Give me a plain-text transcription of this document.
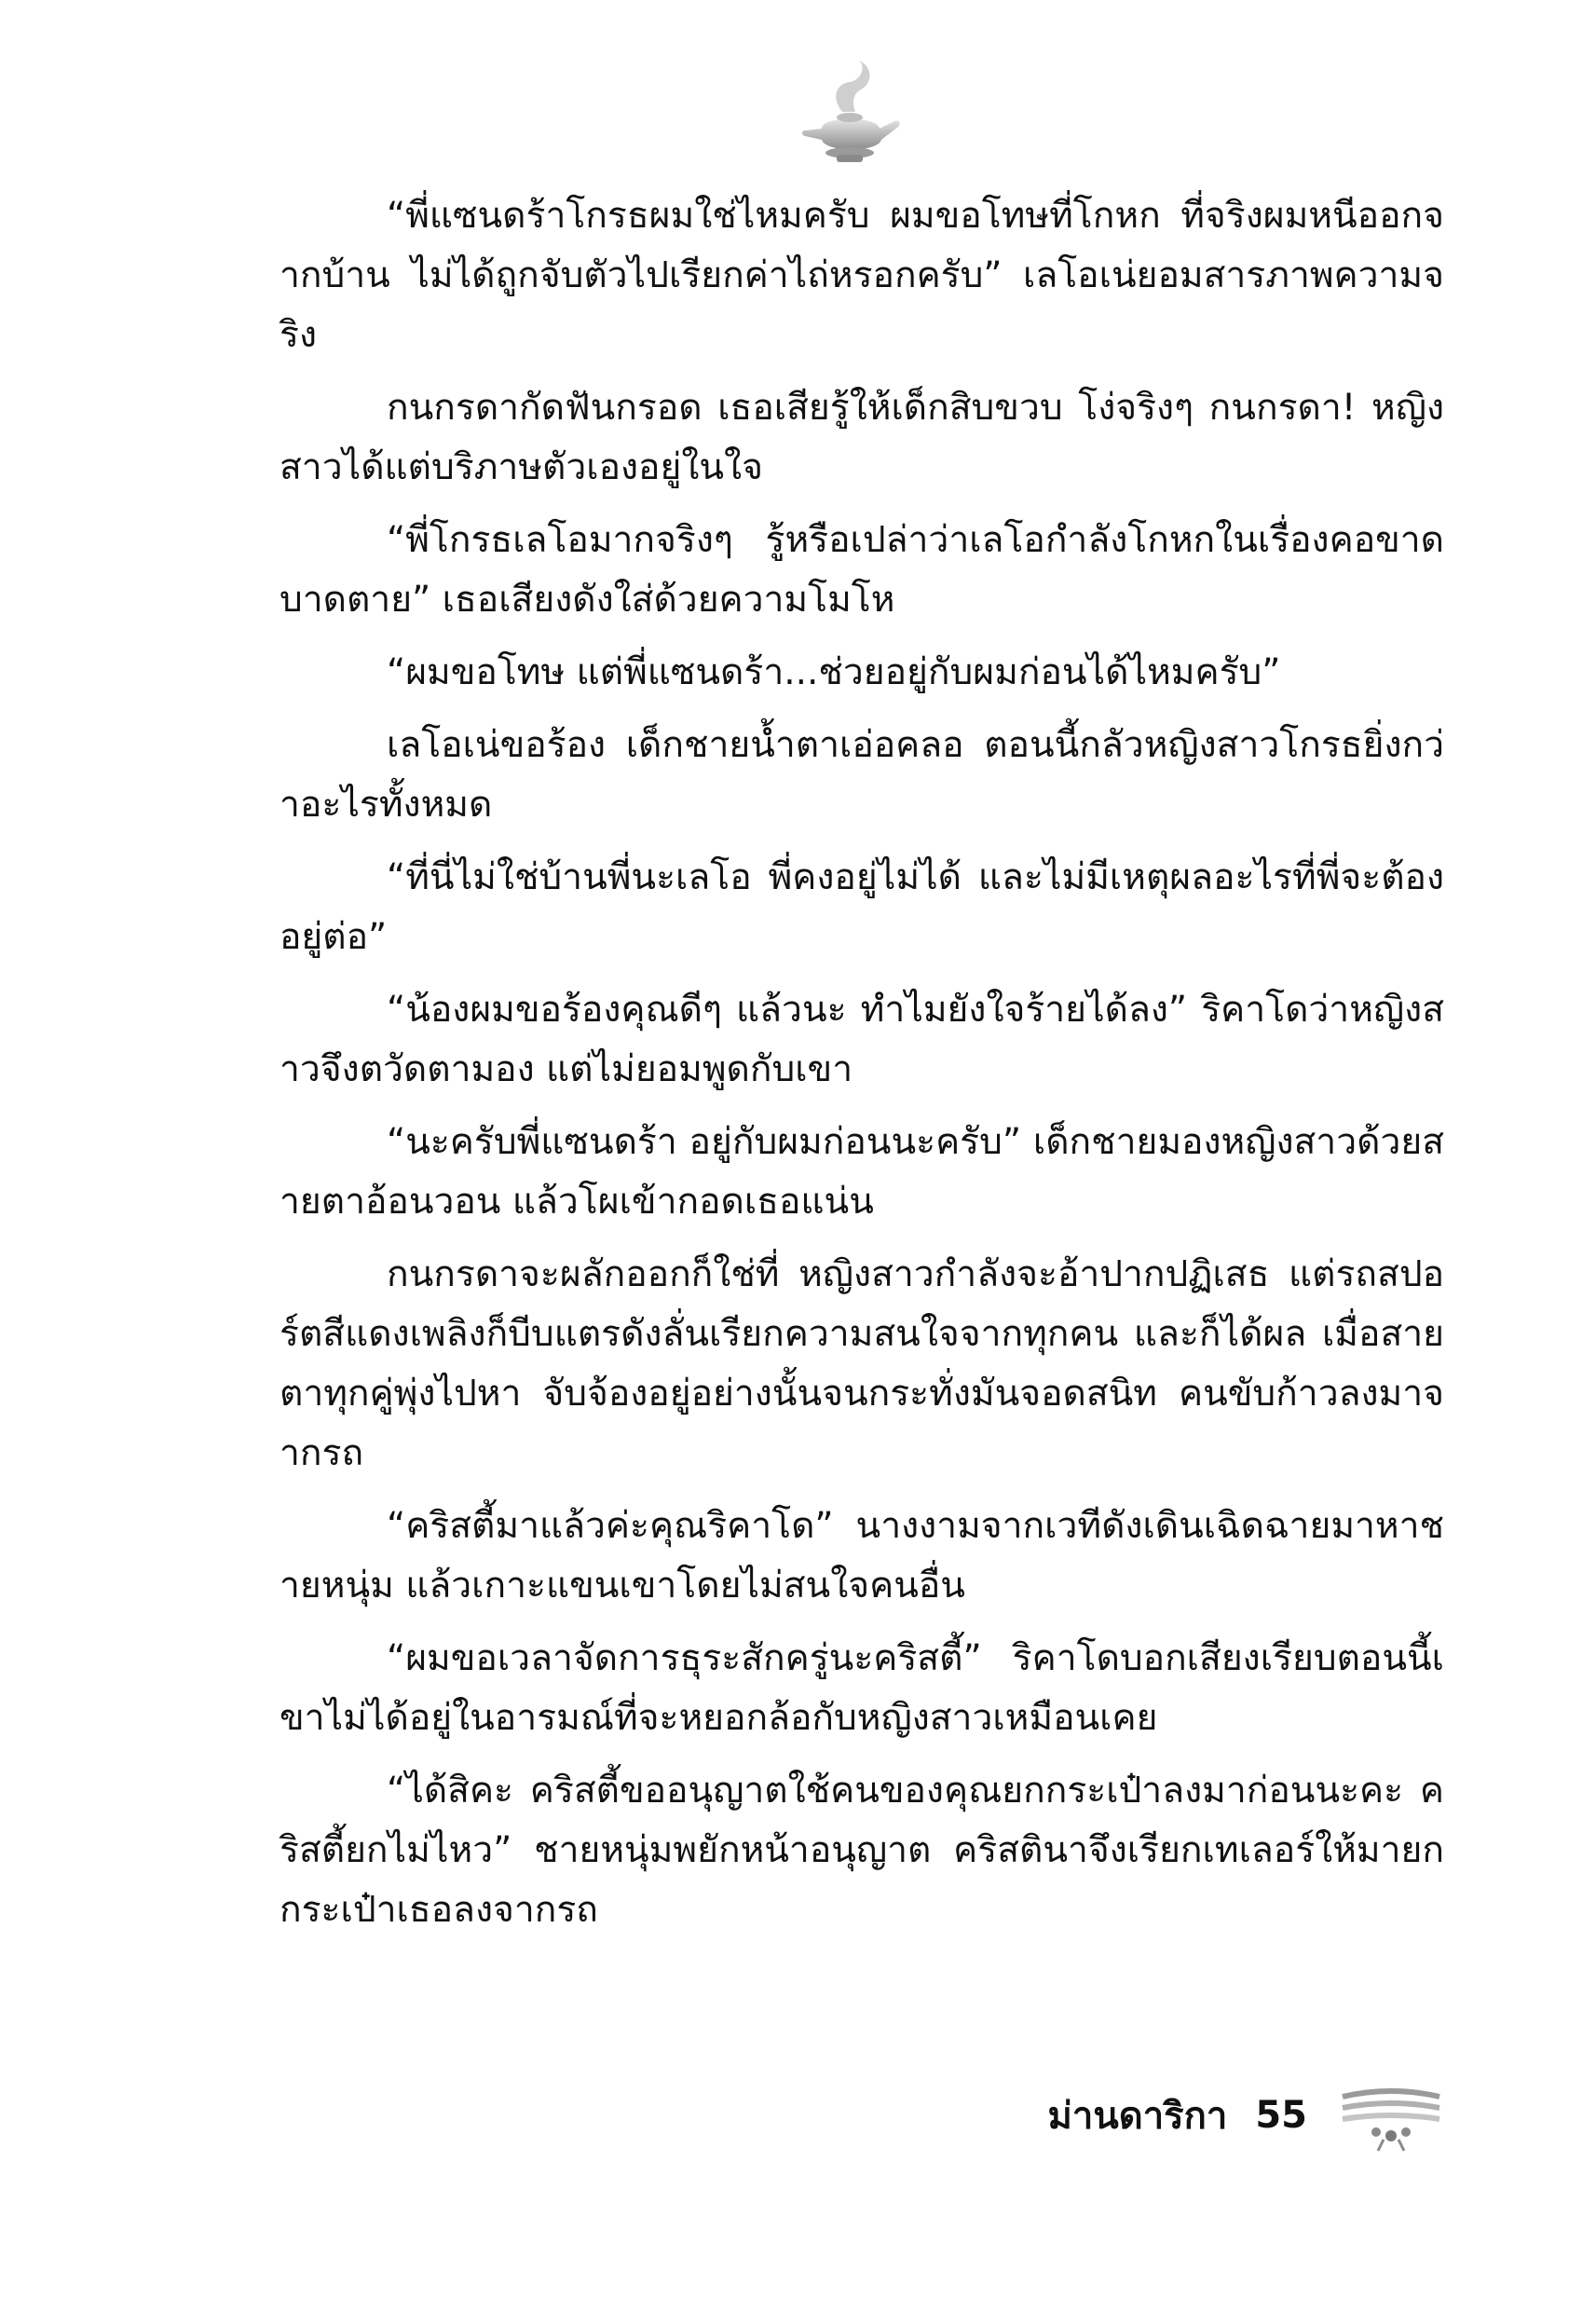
“พี่แซนดร้าโกรธผมใช่ไหมครับ ผมขอโทษที่โกหก ที่จริงผมหนีออกจากบ้าน ไม่ได้ถูกจับตัวไปเรียกค่าไถ่หรอกครับ” เลโอเน่ยอมสารภาพความจริง

กนกรดากัดฟันกรอด เธอเสียรู้ให้เด็กสิบขวบ โง่จริงๆ กนกรดา! หญิงสาวได้แต่บริภาษตัวเองอยู่ในใจ

“พี่โกรธเลโอมากจริงๆ รู้หรือเปล่าว่าเลโอกำลังโกหกในเรื่องคอขาดบาดตาย” เธอเสียงดังใส่ด้วยความโมโห

“ผมขอโทษ แต่พี่แซนดร้า...ช่วยอยู่กับผมก่อนได้ไหมครับ”

เลโอเน่ขอร้อง เด็กชายน้ำตาเอ่อคลอ ตอนนี้กลัวหญิงสาวโกรธยิ่งกว่าอะไรทั้งหมด

“ที่นี่ไม่ใช่บ้านพี่นะเลโอ พี่คงอยู่ไม่ได้ และไม่มีเหตุผลอะไรที่พี่จะต้องอยู่ต่อ”

“น้องผมขอร้องคุณดีๆ แล้วนะ ทำไมยังใจร้ายได้ลง” ริคาโดว่าหญิงสาวจึงตวัดตามอง แต่ไม่ยอมพูดกับเขา

“นะครับพี่แซนดร้า อยู่กับผมก่อนนะครับ” เด็กชายมองหญิงสาวด้วยสายตาอ้อนวอน แล้วโผเข้ากอดเธอแน่น

กนกรดาจะผลักออกก็ใช่ที่ หญิงสาวกำลังจะอ้าปากปฏิเสธ แต่รถสปอร์ตสีแดงเพลิงก็บีบแตรดังลั่นเรียกความสนใจจากทุกคน และก็ได้ผล เมื่อสายตาทุกคู่พุ่งไปหา จับจ้องอยู่อย่างนั้นจนกระทั่งมันจอดสนิท คนขับก้าวลงมาจากรถ

“คริสตี้มาแล้วค่ะคุณริคาโด” นางงามจากเวทีดังเดินเฉิดฉายมาหาชายหนุ่ม แล้วเกาะแขนเขาโดยไม่สนใจคนอื่น

“ผมขอเวลาจัดการธุระสักครู่นะคริสตี้” ริคาโดบอกเสียงเรียบตอนนี้เขาไม่ได้อยู่ในอารมณ์ที่จะหยอกล้อกับหญิงสาวเหมือนเคย

“ได้สิคะ คริสตี้ขออนุญาตใช้คนของคุณยกกระเป๋าลงมาก่อนนะคะ คริสตี้ยกไม่ไหว” ชายหนุ่มพยักหน้าอนุญาต คริสตินาจึงเรียกเทเลอร์ให้มายกกระเป๋าเธอลงจากรถ

ม่านดาริกา 55
